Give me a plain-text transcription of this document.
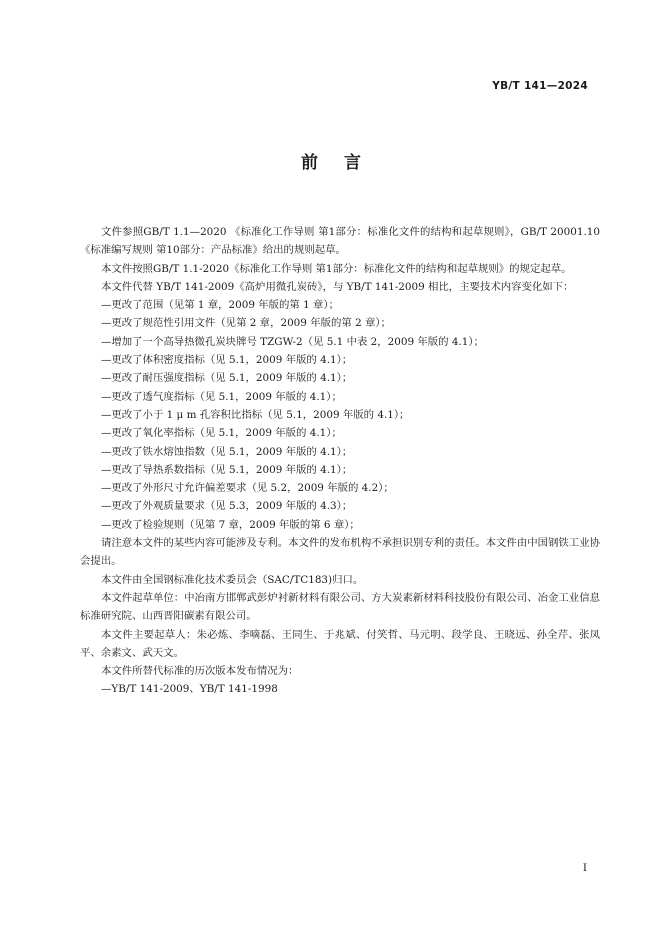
YB/T 141—2024
前言

文件参照GB/T 1.1—2020 《标准化工作导则 第1部分：标准化文件的结构和起草规则》，GB/T 20001.10《标准编写规则 第10部分：产品标准》给出的规则起草。

本文件按照GB/T 1.1-2020《标准化工作导则 第1部分：标准化文件的结构和起草规则》的规定起草。

本文件代替 YB/T 141-2009《高炉用微孔炭砖》，与 YB/T 141-2009 相比，主要技术内容变化如下：

—更改了范围（见第 1 章，2009 年版的第 1 章）；

—更改了规范性引用文件（见第 2 章，2009 年版的第 2 章）；

—增加了一个高导热微孔炭块牌号 TZGW-2（见 5.1 中表 2，2009 年版的 4.1）；

—更改了体积密度指标（见 5.1，2009 年版的 4.1）；

—更改了耐压强度指标（见 5.1，2009 年版的 4.1）；

—更改了透气度指标（见 5.1，2009 年版的 4.1）；

—更改了小于 1 μ m 孔容积比指标（见 5.1，2009 年版的 4.1）；

—更改了氧化率指标（见 5.1，2009 年版的 4.1）；

—更改了铁水熔蚀指数（见 5.1，2009 年版的 4.1）；

—更改了导热系数指标（见 5.1，2009 年版的 4.1）；

—更改了外形尺寸允许偏差要求（见 5.2，2009 年版的 4.2）；

—更改了外观质量要求（见 5.3，2009 年版的 4.3）；

—更改了检验规则（见第 7 章，2009 年版的第 6 章）；

请注意本文件的某些内容可能涉及专利。本文件的发布机构不承担识别专利的责任。本文件由中国钢铁工业协会提出。

本文件由全国钢标准化技术委员会（SAC/TC183)归口。

本文件起草单位：中冶南方邯郸武彭炉衬新材料有限公司、方大炭素新材料科技股份有限公司、冶金工业信息标准研究院、山西晋阳碳素有限公司。

本文件主要起草人：朱必炼、李嘀磊、王同生、于兆斌、付笑哲、马元明、段学良、王晓远、孙全芹、张凤平、余素文、武天文。

本文件所替代标准的历次版本发布情况为：

—YB/T 141-2009、YB/T 141-1998

I
